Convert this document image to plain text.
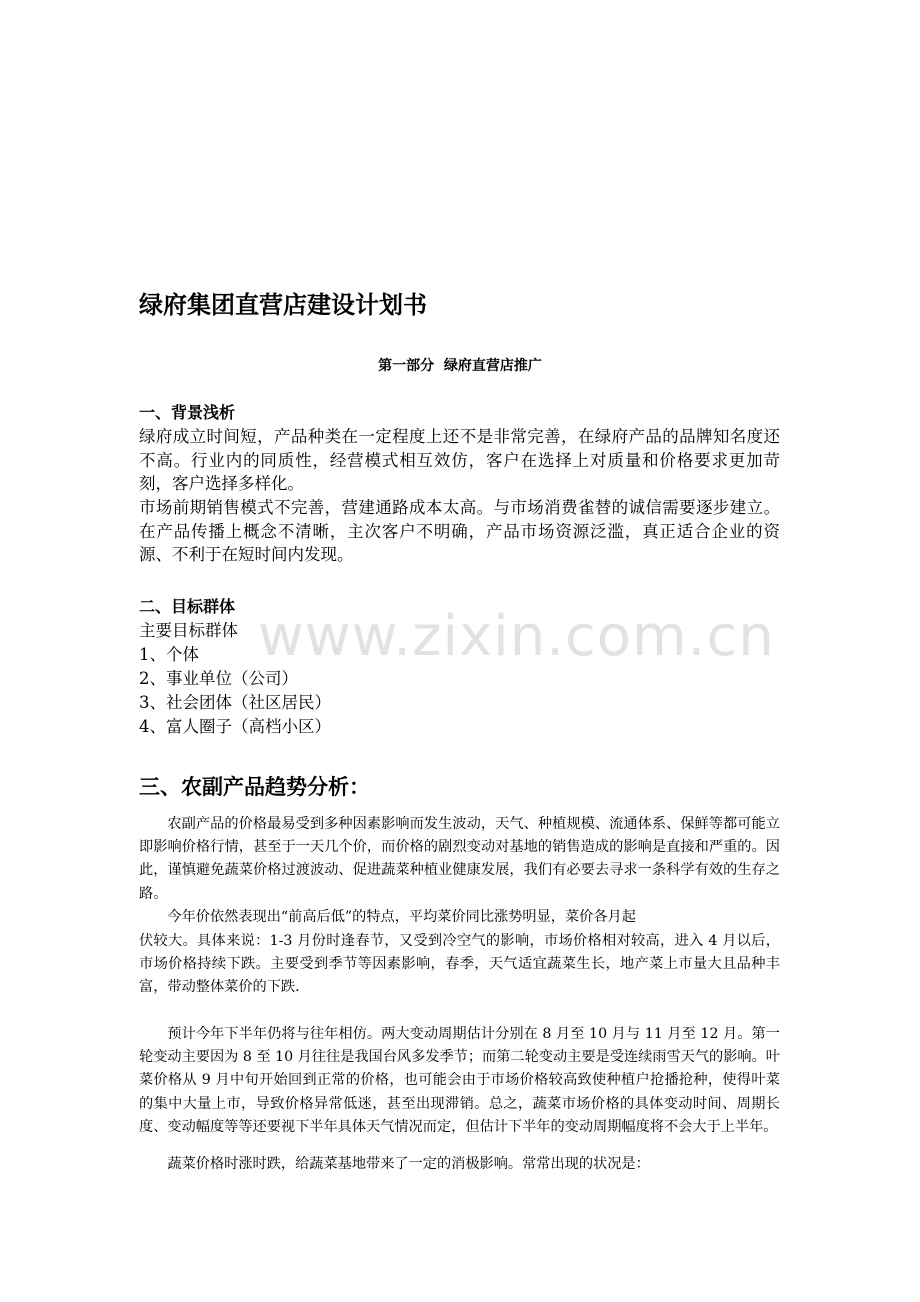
绿府集团直营店建设计划书
第一部分  绿府直营店推广
一、背景浅析

绿府成立时间短，产品种类在一定程度上还不是非常完善，在绿府产品的品牌知名度还不高。行业内的同质性，经营模式相互效仿，客户在选择上对质量和价格要求更加苛刻，客户选择多样化。

市场前期销售模式不完善，营建通路成本太高。与市场消费雀替的诚信需要逐步建立。 在产品传播上概念不清晰，主次客户不明确，产品市场资源泛滥，真正适合企业的资源、不利于在短时间内发现。

二、目标群体
主要目标群体
1、个体
2、事业单位（公司）
3、社会团体（社区居民）
4、富人圈子（高档小区）
三、农副产品趋势分析：

农副产品的价格最易受到多种因素影响而发生波动，天气、种植规模、流通体系、保鲜等都可能立即影响价格行情，甚至于一天几个价，而价格的剧烈变动对基地的销售造成的影响是直接和严重的。因此，谨慎避免蔬菜价格过渡波动、促进蔬菜种植业健康发展，我们有必要去寻求一条科学有效的生存之路。

今年价依然表现出“前高后低”的特点，平均菜价同比涨势明显，菜价各月起

伏较大。具体来说：1-3 月份时逢春节，又受到冷空气的影响，市场价格相对较高，进入 4 月以后，市场价格持续下跌。主要受到季节等因素影响，春季，天气适宜蔬菜生长，地产菜上市量大且品种丰富，带动整体菜价的下跌.

预计今年下半年仍将与往年相仿。两大变动周期估计分别在 8 月至 10 月与 11 月至 12 月。第一轮变动主要因为 8 至 10 月往往是我国台风多发季节；而第二轮变动主要是受连续雨雪天气的影响。叶菜价格从 9 月中旬开始回到正常的价格，也可能会由于市场价格较高致使种植户抢播抢种，使得叶菜的集中大量上市，导致价格异常低迷，甚至出现滞销。总之，蔬菜市场价格的具体变动时间、周期长度、变动幅度等等还要视下半年具体天气情况而定，但估计下半年的变动周期幅度将不会大于上半年。

蔬菜价格时涨时跌，给蔬菜基地带来了一定的消极影响。常常出现的状况是：

www.zixin.com.cn
